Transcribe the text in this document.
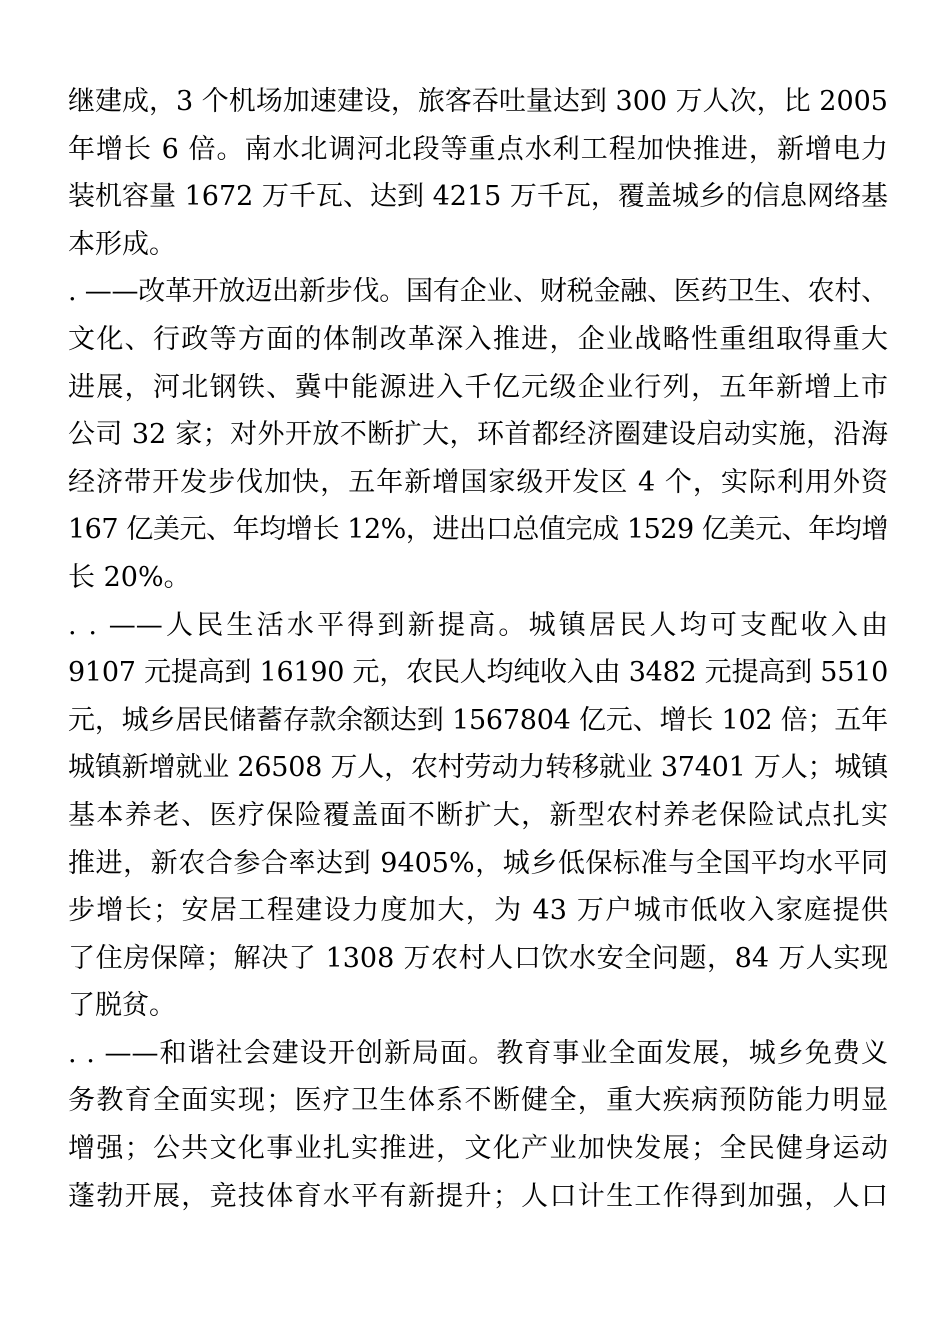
继建成，3 个机场加速建设，旅客吞吐量达到 300 万人次，比 2005
年增长 6 倍。南水北调河北段等重点水利工程加快推进，新增电力
装机容量 1672 万千瓦、达到 4215 万千瓦，覆盖城乡的信息网络基
本形成。
. ——改革开放迈出新步伐。国有企业、财税金融、医药卫生、农村、
文化、行政等方面的体制改革深入推进，企业战略性重组取得重大
进展，河北钢铁、冀中能源进入千亿元级企业行列，五年新增上市
公司 32 家；对外开放不断扩大，环首都经济圈建设启动实施，沿海
经济带开发步伐加快，五年新增国家级开发区 4 个，实际利用外资
167 亿美元、年均增长 12%，进出口总值完成 1529 亿美元、年均增
长 20%。
. . ——人民生活水平得到新提高。城镇居民人均可支配收入由
9107 元提高到 16190 元，农民人均纯收入由 3482 元提高到 5510
元，城乡居民储蓄存款余额达到 1567804 亿元、增长 102 倍；五年
城镇新增就业 26508 万人，农村劳动力转移就业 37401 万人；城镇
基本养老、医疗保险覆盖面不断扩大，新型农村养老保险试点扎实
推进，新农合参合率达到 9405%，城乡低保标准与全国平均水平同
步增长；安居工程建设力度加大，为 43 万户城市低收入家庭提供
了住房保障；解决了 1308 万农村人口饮水安全问题，84 万人实现
了脱贫。
. . ——和谐社会建设开创新局面。教育事业全面发展，城乡免费义
务教育全面实现；医疗卫生体系不断健全，重大疾病预防能力明显
增强；公共文化事业扎实推进，文化产业加快发展；全民健身运动
蓬勃开展，竞技体育水平有新提升；人口计生工作得到加强，人口
